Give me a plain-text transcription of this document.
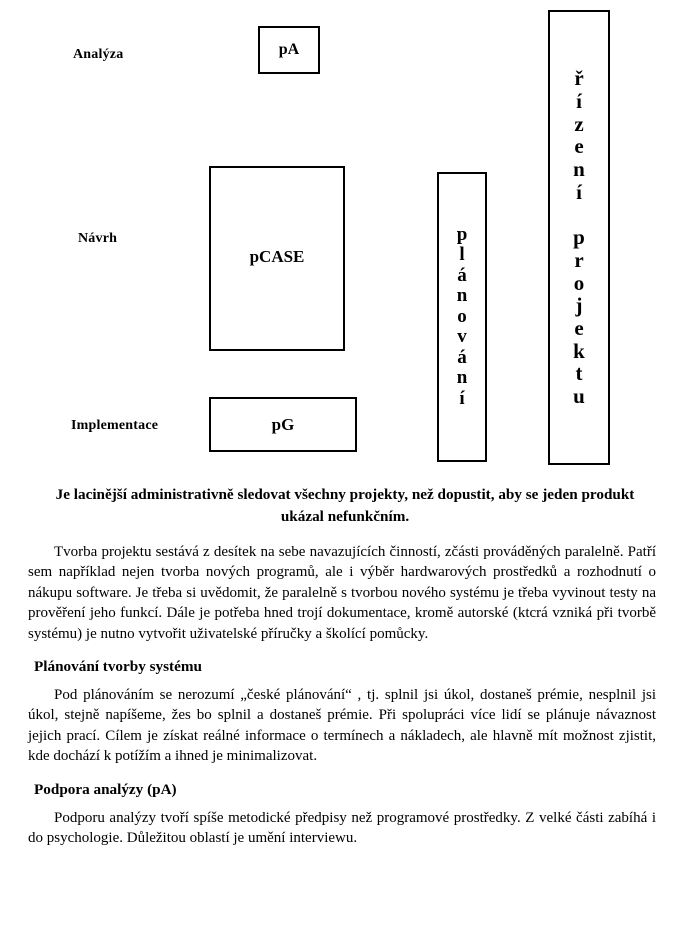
Analýza
Návrh
Implementace
pA
pCASE
pG
p
l
á
n
o
v
á
n
í
ř
í
z
e
n
í

p
r
o
j
e
k
t
u
Je lacinější administrativně sledovat všechny projekty, než dopustit, aby se jeden produkt ukázal nefunkčním.

Tvorba projektu sestává z desítek na sebe navazujících činností, zčásti prováděných paralelně. Patří sem například nejen tvorba nových programů, ale i výběr hardwarových prostředků a rozhodnutí o nákupu software. Je třeba si uvědomit, že paralelně s tvorbou nového systému je třeba vyvinout testy na prověření jeho funkcí. Dále je potřeba hned trojí dokumentace, kromě autorské (ktcrá vzniká při tvorbě systému) je nutno vytvořit uživatelské příručky a školící pomůcky.

Plánování tvorby systému

Pod plánováním se nerozumí „české plánování“ , tj. splnil jsi úkol, dostaneš prémie, nesplnil jsi úkol, stejně napíšeme, žes bo splnil a dostaneš prémie. Při spolupráci více lidí se plánuje návaznost jejich prací. Cílem je získat reálné informace o termínech a nákladech, ale hlavně mít možnost zjistit, kde dochází k potížím a ihned je minimalizovat.

Podpora analýzy (pA)

Podporu analýzy tvoří spíše metodické předpisy než programové prostředky. Z velké části zabíhá i do psychologie. Důležitou oblastí je umění interviewu.
